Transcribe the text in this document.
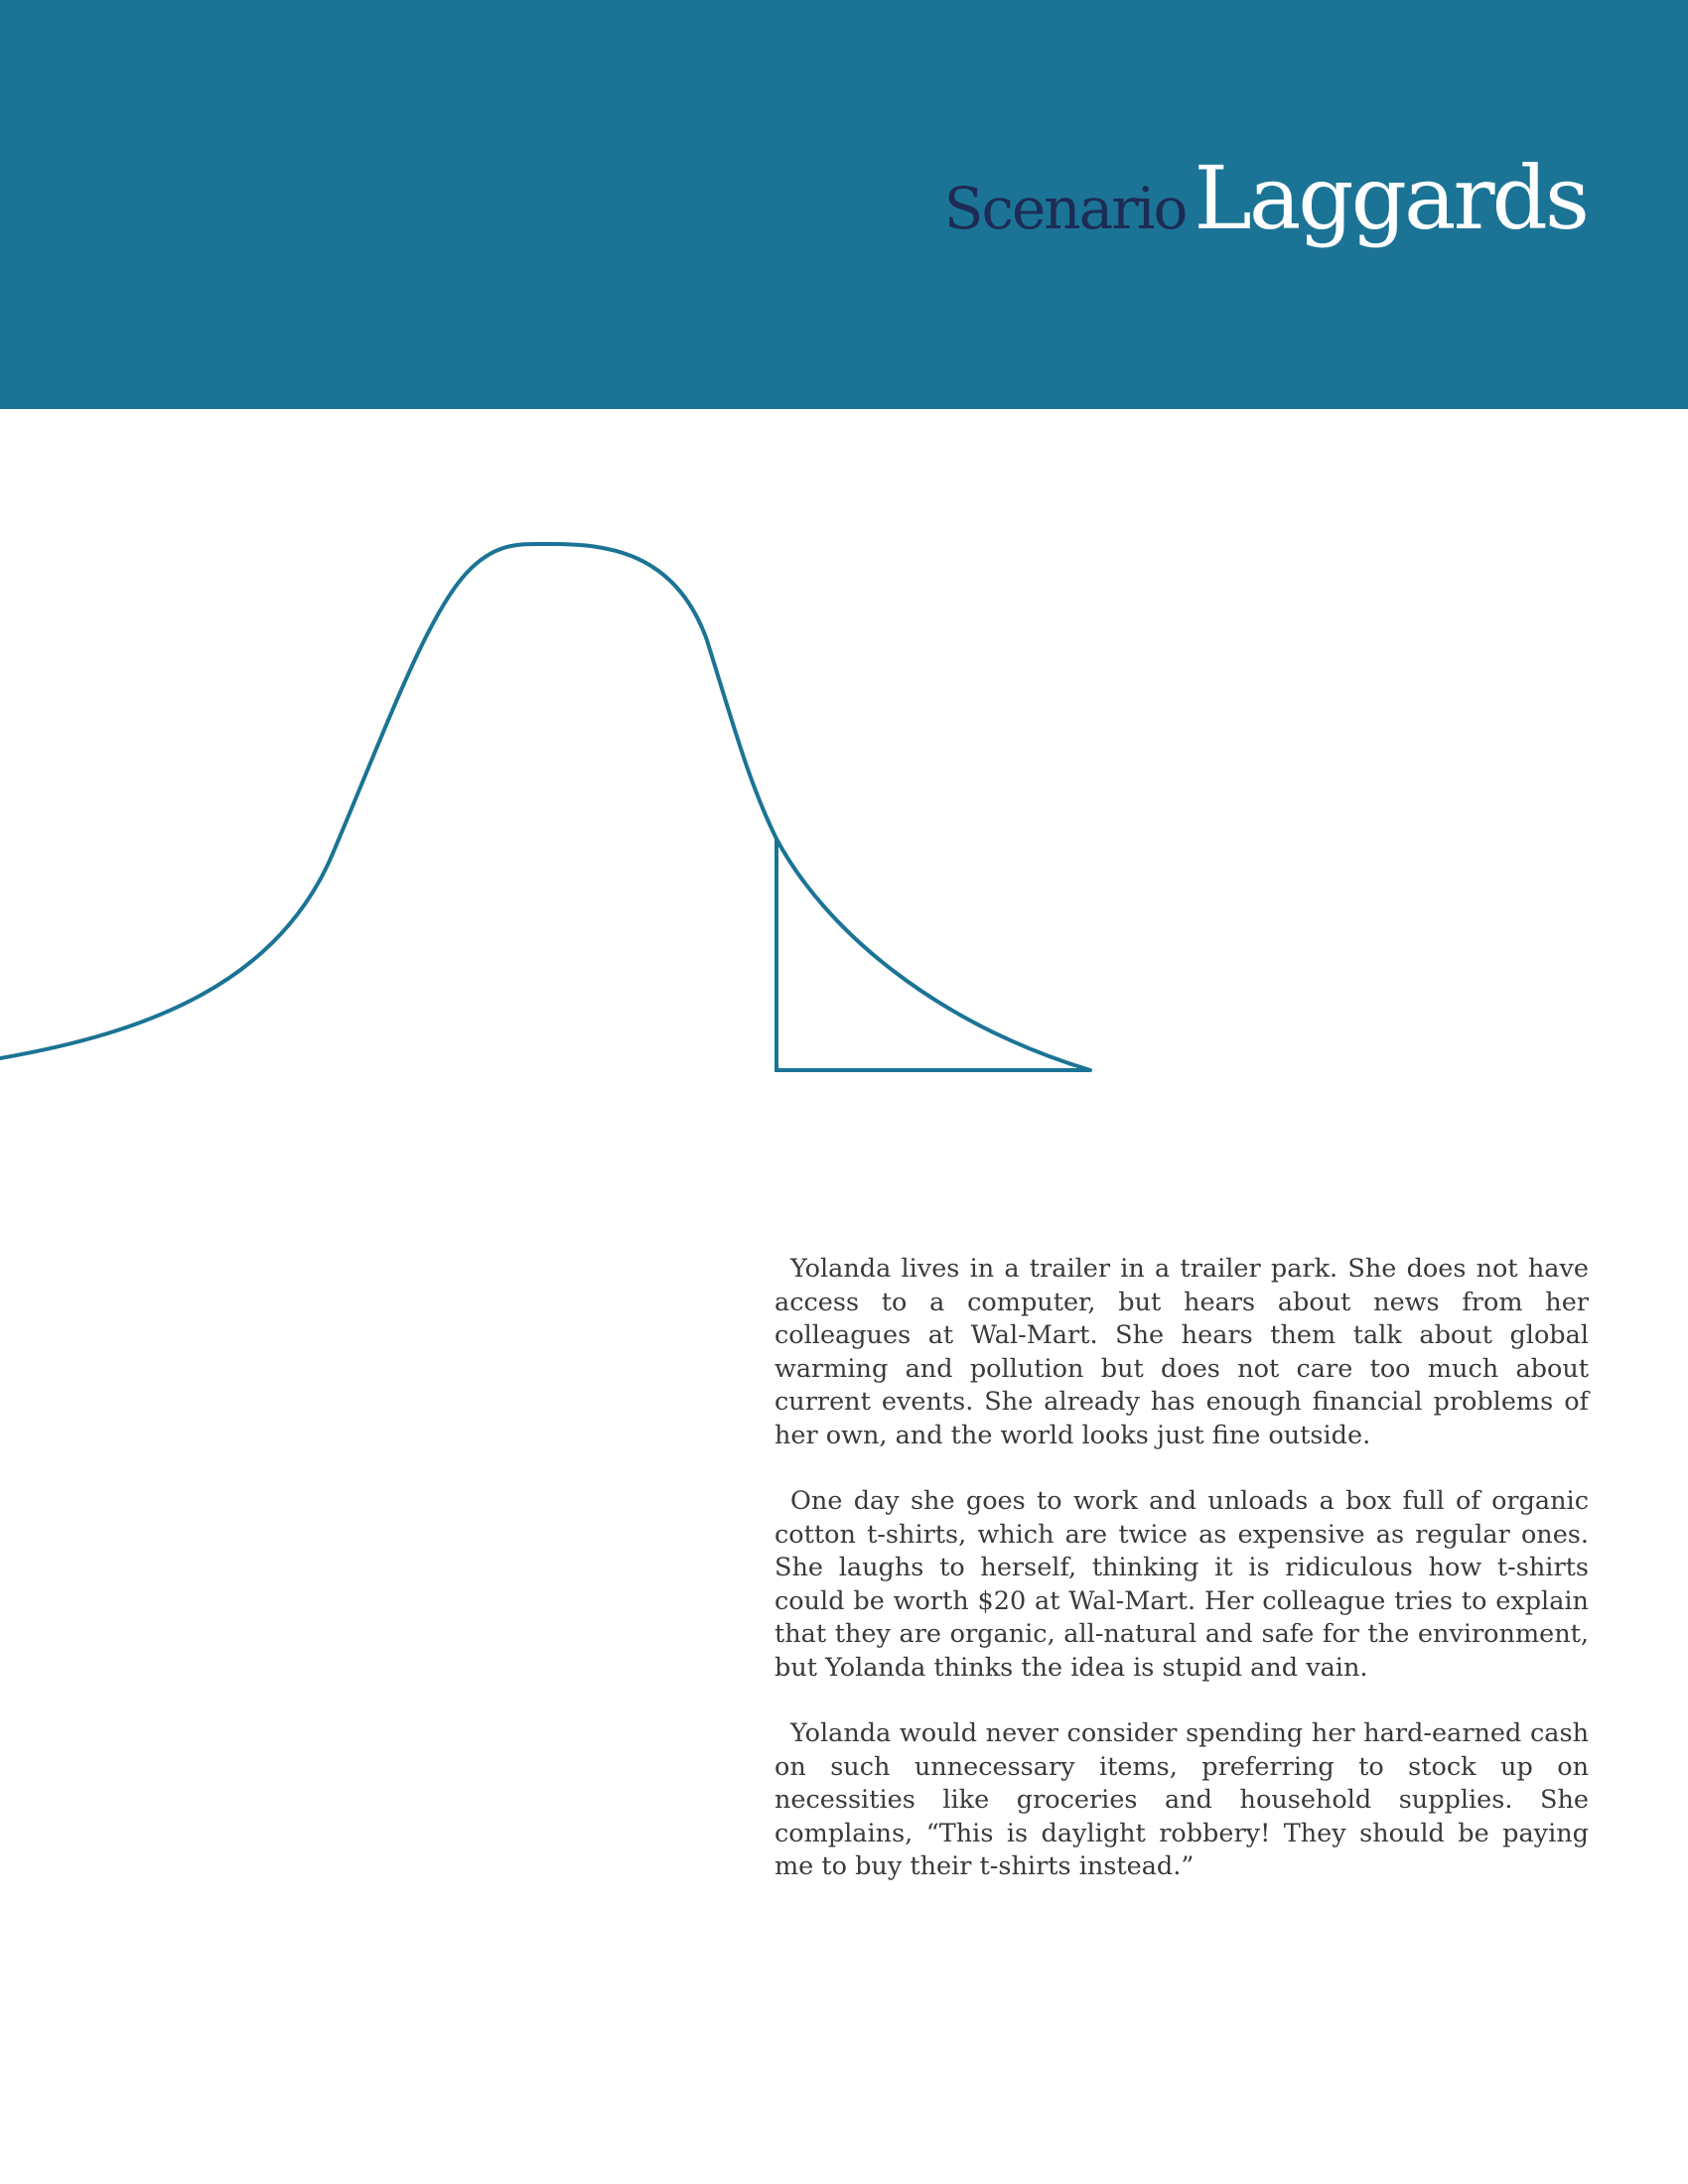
ScenarioLaggards

Yolanda lives in a trailer in a trailer park. She does not have access to a computer, but hears about news from her colleagues at Wal-Mart. She hears them talk about global warming and pollution but does not care too much about current events. She already has enough financial problems of her own, and the world looks just fine outside.

One day she goes to work and unloads a box full of organic cotton t-shirts, which are twice as expensive as regular ones. She laughs to herself, thinking it is ridiculous how t-shirts could be worth $20 at Wal-Mart. Her colleague tries to explain that they are organic, all-natural and safe for the environment, but Yolanda thinks the idea is stupid and vain.

Yolanda would never consider spending her hard-earned cash on such unnecessary items, preferring to stock up on necessities like groceries and household supplies. She complains, “This is daylight robbery! They should be paying me to buy their t-shirts instead.”
